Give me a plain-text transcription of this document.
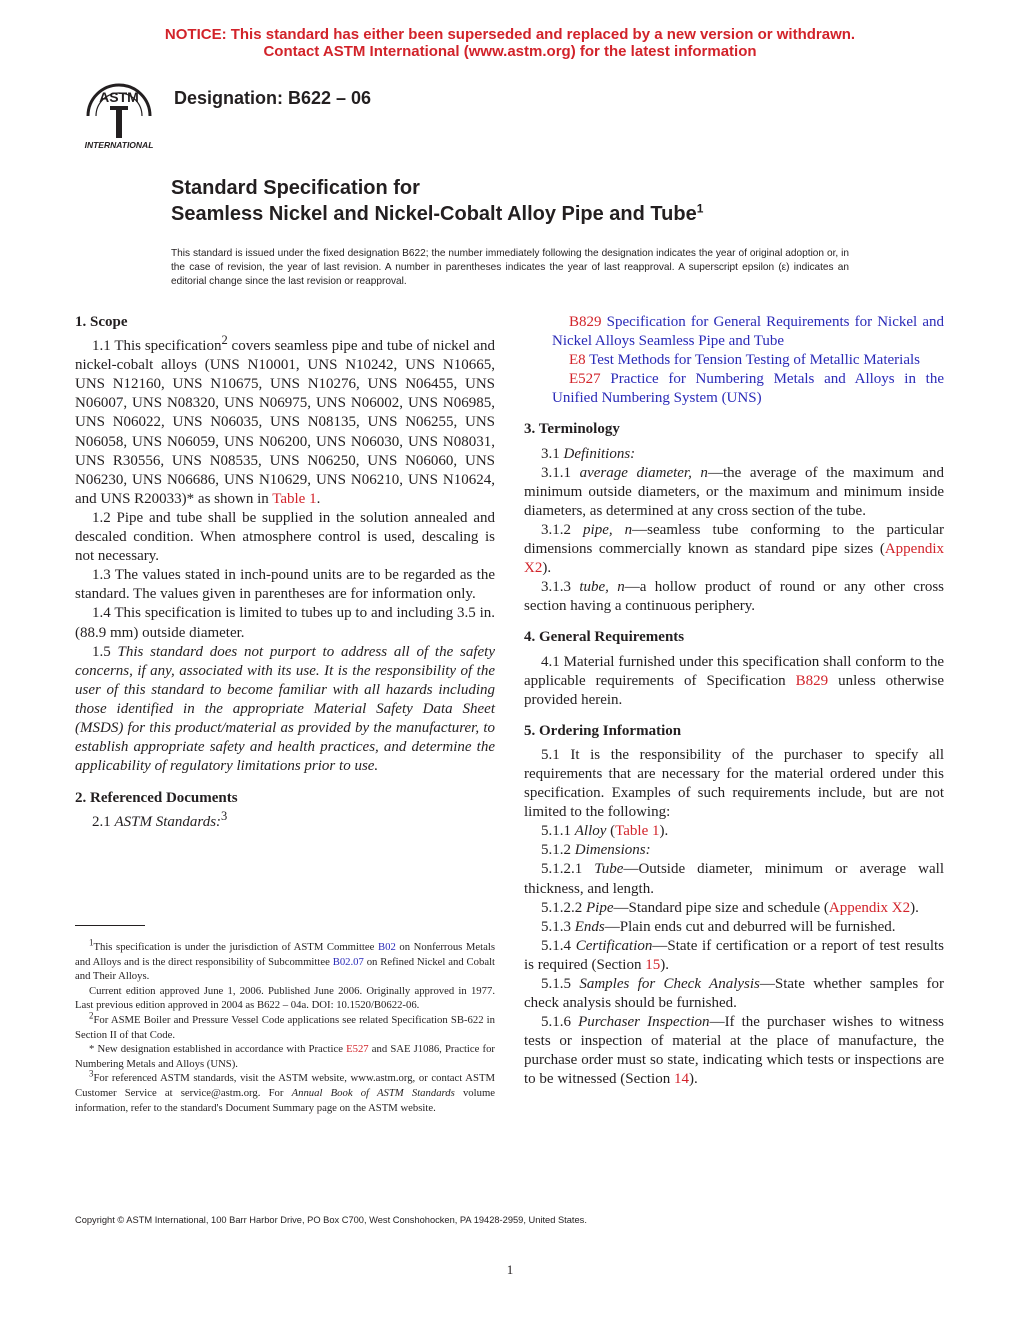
NOTICE: This standard has either been superseded and replaced by a new version or withdrawn.
Contact ASTM International (www.astm.org) for the latest information
ASTM
INTERNATIONAL
Designation: B622 – 06
Standard Specification for
Seamless Nickel and Nickel-Cobalt Alloy Pipe and Tube$^1$
This standard is issued under the fixed designation B622; the number immediately following the designation indicates the year of original adoption or, in the case of revision, the year of last revision. A number in parentheses indicates the year of last reapproval. A superscript epsilon (ε) indicates an editorial change since the last revision or reapproval.
1. Scope

1.1 This specification$^2$ covers seamless pipe and tube of nickel and nickel-cobalt alloys (UNS N10001, UNS N10242, UNS N10665, UNS N12160, UNS N10675, UNS N10276, UNS N06455, UNS N06007, UNS N08320, UNS N06975, UNS N06002, UNS N06985, UNS N06022, UNS N06035, UNS N08135, UNS N06255, UNS N06058, UNS N06059, UNS N06200, UNS N06030, UNS N08031, UNS R30556, UNS N08535, UNS N06250, UNS N06060, UNS N06230, UNS N06686, UNS N10629, UNS N06210, UNS N10624, and UNS R20033)* as shown in Table 1.

1.2 Pipe and tube shall be supplied in the solution annealed and descaled condition. When atmosphere control is used, descaling is not necessary.

1.3 The values stated in inch-pound units are to be regarded as the standard. The values given in parentheses are for information only.

1.4 This specification is limited to tubes up to and including 3.5 in. (88.9 mm) outside diameter.

1.5 This standard does not purport to address all of the safety concerns, if any, associated with its use. It is the responsibility of the user of this standard to become familiar with all hazards including those identified in the appropriate Material Safety Data Sheet (MSDS) for this product/material as provided by the manufacturer, to establish appropriate safety and health practices, and determine the applicability of regulatory limitations prior to use.

2. Referenced Documents

2.1 ASTM Standards:$^3$

$^1$This specification is under the jurisdiction of ASTM Committee B02 on Nonferrous Metals and Alloys and is the direct responsibility of Subcommittee B02.07 on Refined Nickel and Cobalt and Their Alloys.

Current edition approved June 1, 2006. Published June 2006. Originally approved in 1977. Last previous edition approved in 2004 as B622 – 04a. DOI: 10.1520/B0622-06.

$^2$For ASME Boiler and Pressure Vessel Code applications see related Specification SB-622 in Section II of that Code.

* New designation established in accordance with Practice E527 and SAE J1086, Practice for Numbering Metals and Alloys (UNS).

$^3$For referenced ASTM standards, visit the ASTM website, www.astm.org, or contact ASTM Customer Service at service@astm.org. For Annual Book of ASTM Standards volume information, refer to the standard's Document Summary page on the ASTM website.

B829 Specification for General Requirements for Nickel and Nickel Alloys Seamless Pipe and Tube

E8 Test Methods for Tension Testing of Metallic Materials

E527 Practice for Numbering Metals and Alloys in the Unified Numbering System (UNS)

3. Terminology

3.1 Definitions:

3.1.1 average diameter, n—the average of the maximum and minimum outside diameters, or the maximum and minimum inside diameters, as determined at any cross section of the tube.

3.1.2 pipe, n—seamless tube conforming to the particular dimensions commercially known as standard pipe sizes (Appendix X2).

3.1.3 tube, n—a hollow product of round or any other cross section having a continuous periphery.

4. General Requirements

4.1 Material furnished under this specification shall conform to the applicable requirements of Specification B829 unless otherwise provided herein.

5. Ordering Information

5.1 It is the responsibility of the purchaser to specify all requirements that are necessary for the material ordered under this specification. Examples of such requirements include, but are not limited to the following:

5.1.1 Alloy (Table 1).

5.1.2 Dimensions:

5.1.2.1 Tube—Outside diameter, minimum or average wall thickness, and length.

5.1.2.2 Pipe—Standard pipe size and schedule (Appendix X2).

5.1.3 Ends—Plain ends cut and deburred will be furnished.

5.1.4 Certification—State if certification or a report of test results is required (Section 15).

5.1.5 Samples for Check Analysis—State whether samples for check analysis should be furnished.

5.1.6 Purchaser Inspection—If the purchaser wishes to witness tests or inspection of material at the place of manufacture, the purchase order must so state, indicating which tests or inspections are to be witnessed (Section 14).

Copyright © ASTM International, 100 Barr Harbor Drive, PO Box C700, West Conshohocken, PA 19428-2959, United States.
1
